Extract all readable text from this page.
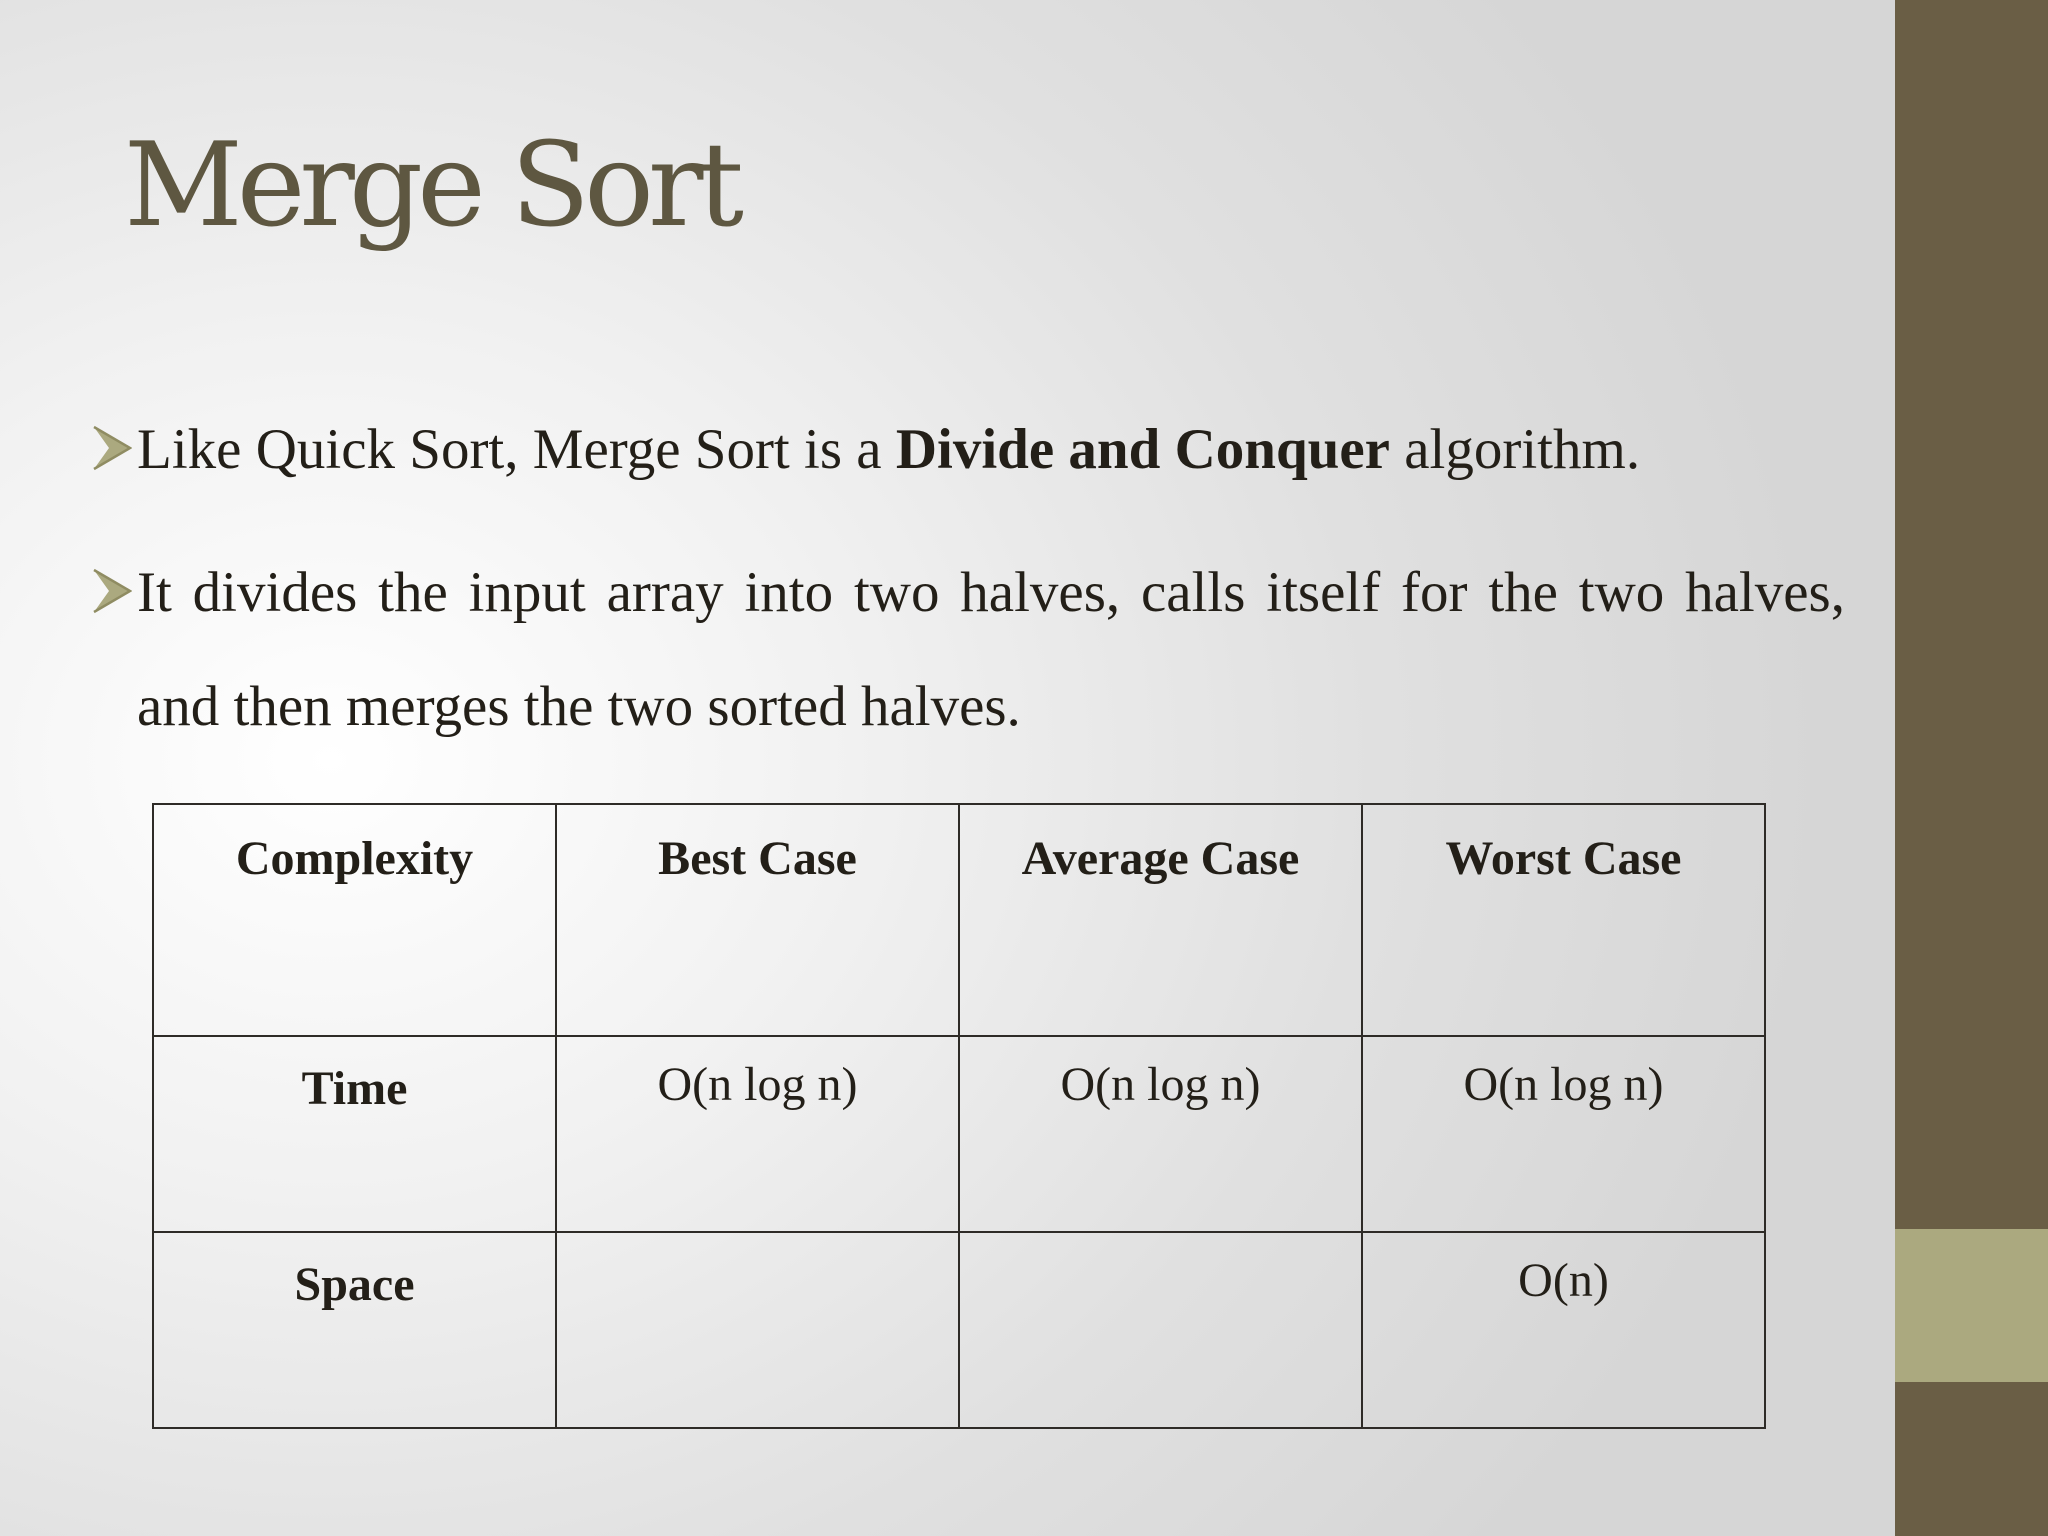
Merge Sort

Like Quick Sort, Merge Sort is a Divide and Conquer algorithm.

It divides the input array into two halves, calls itself for the two halves, and then merges the two sorted halves.

Complexity	Best Case	Average Case	Worst Case
Time	O(n log n)	O(n log n)	O(n log n)
Space			O(n)
